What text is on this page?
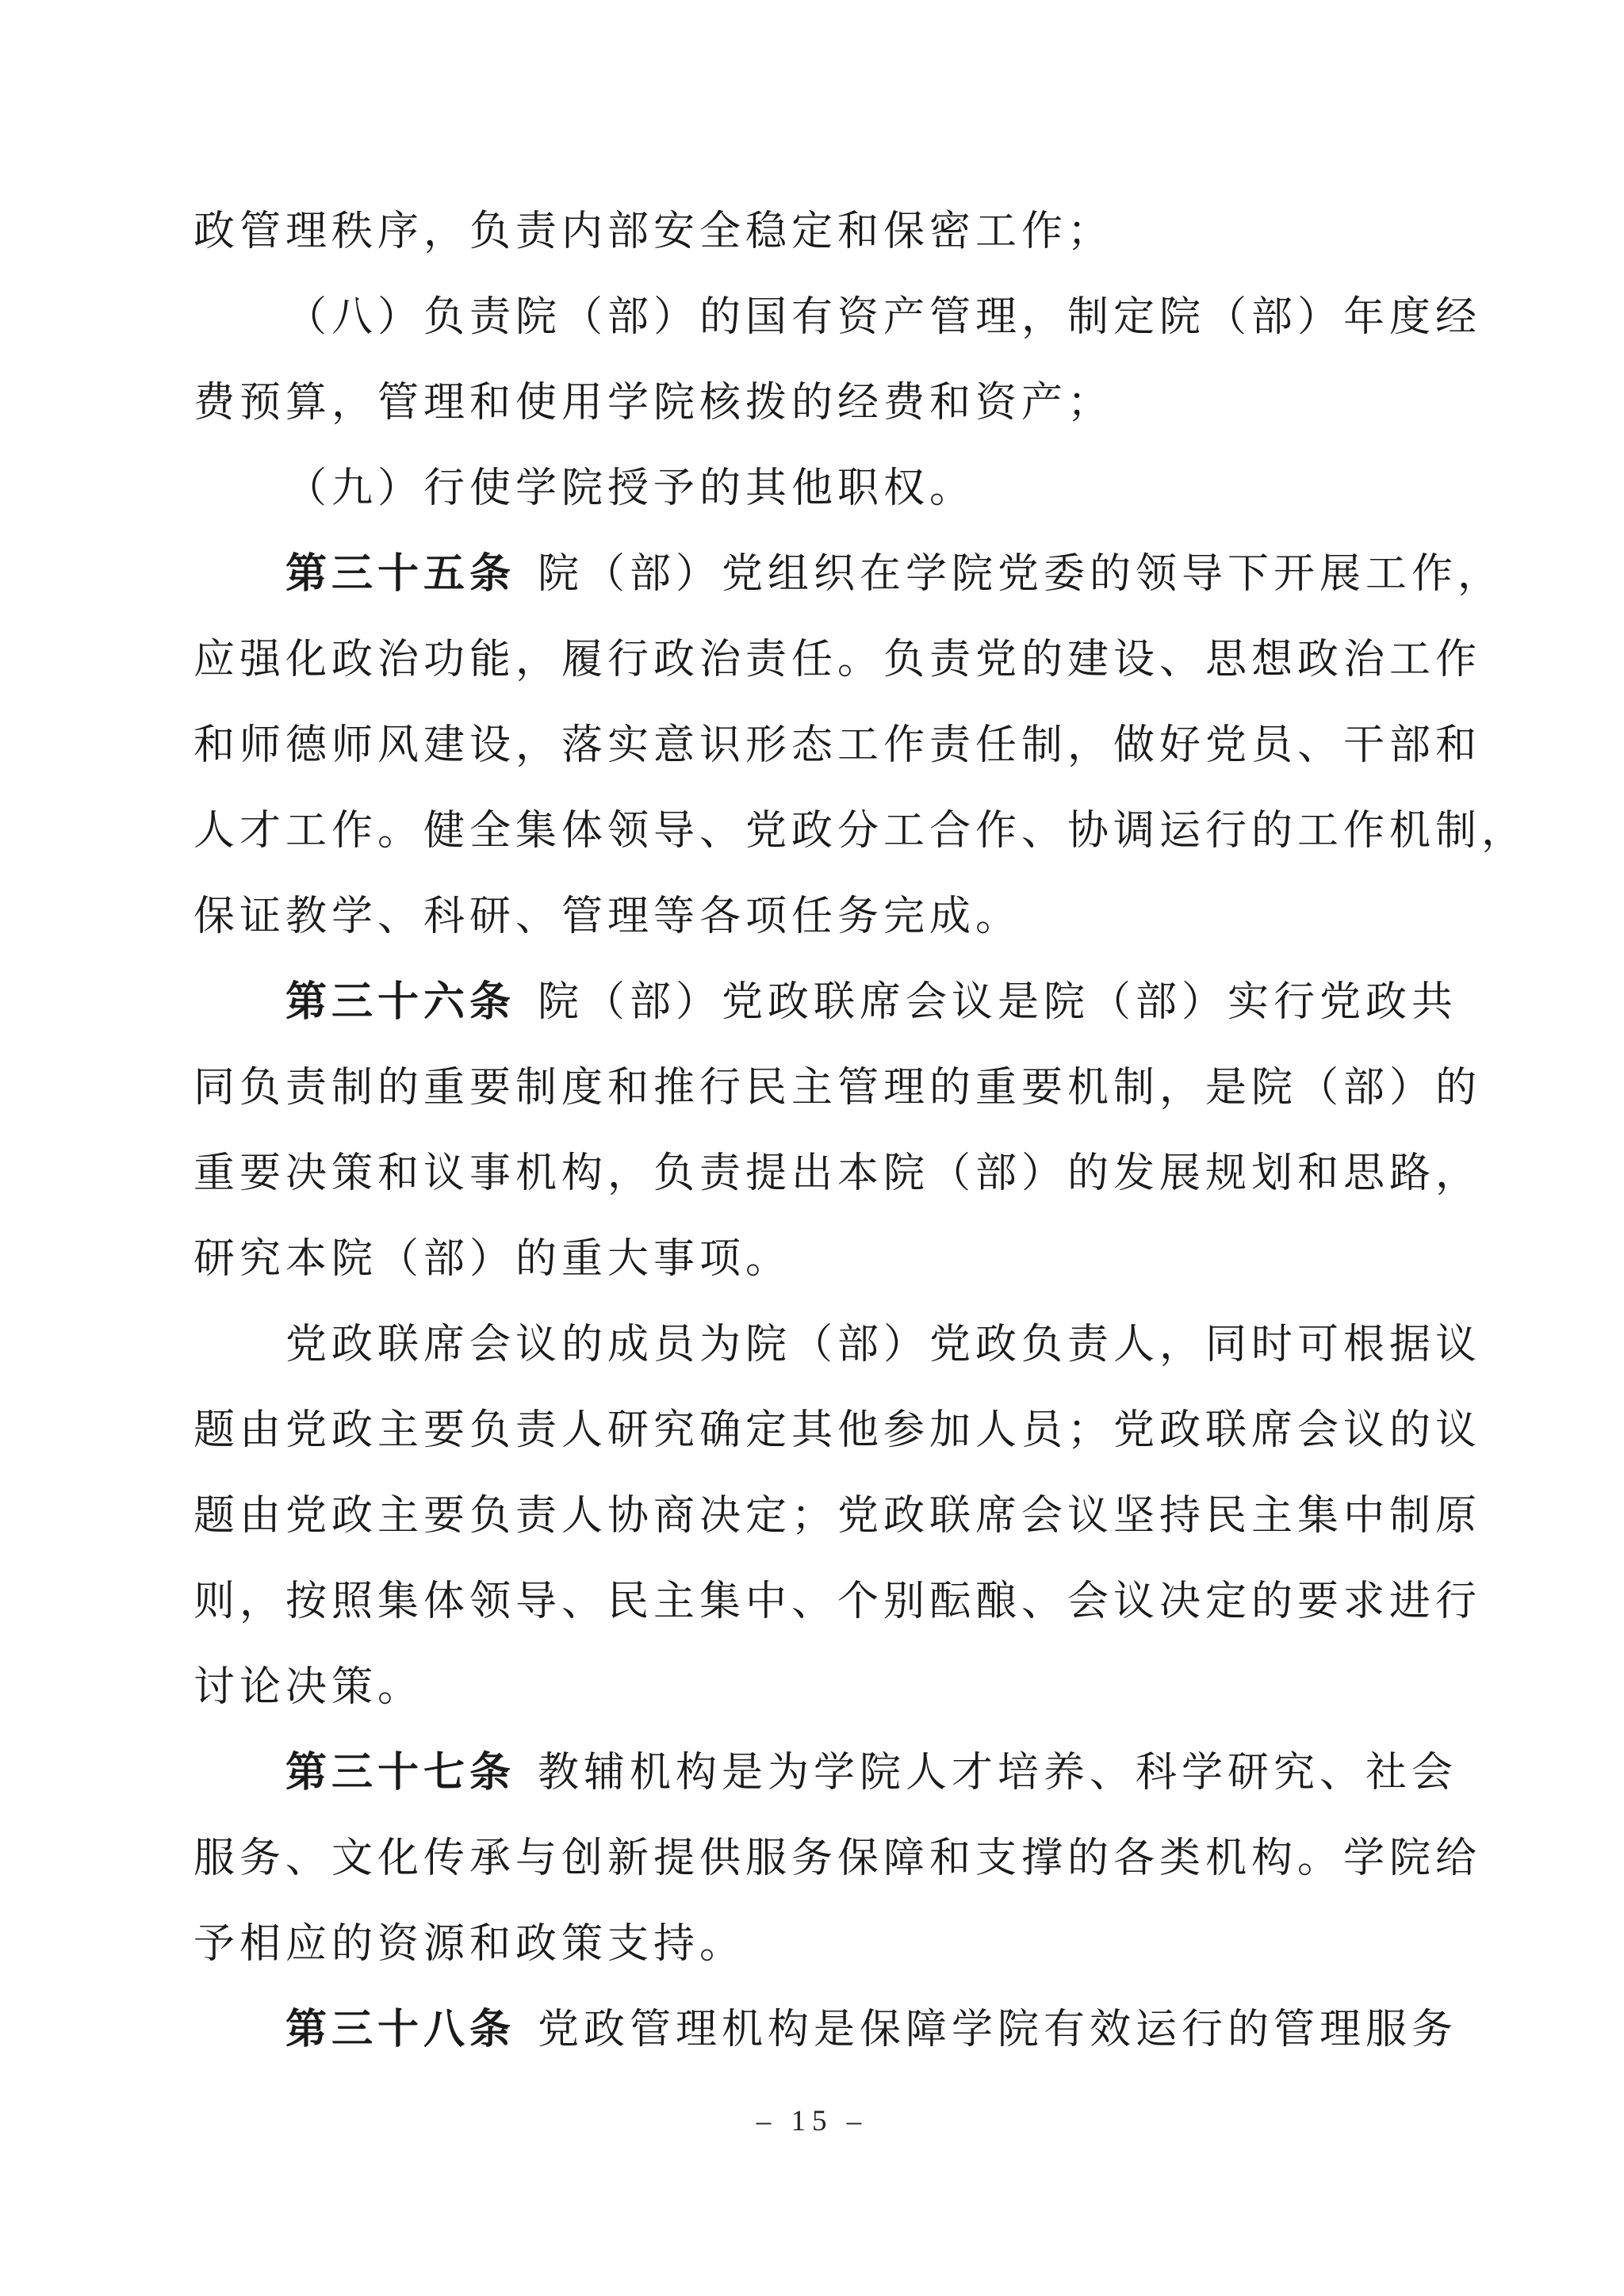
政管理秩序，负责内部安全稳定和保密工作；
（八）负责院（部）的国有资产管理，制定院（部）年度经
费预算，管理和使用学院核拨的经费和资产；
（九）行使学院授予的其他职权。
第三十五条 院（部）党组织在学院党委的领导下开展工作，
应强化政治功能，履行政治责任。负责党的建设、思想政治工作
和师德师风建设，落实意识形态工作责任制，做好党员、干部和
人才工作。健全集体领导、党政分工合作、协调运行的工作机制，
保证教学、科研、管理等各项任务完成。
第三十六条 院（部）党政联席会议是院（部）实行党政共
同负责制的重要制度和推行民主管理的重要机制，是院（部）的
重要决策和议事机构，负责提出本院（部）的发展规划和思路，
研究本院（部）的重大事项。
党政联席会议的成员为院（部）党政负责人，同时可根据议
题由党政主要负责人研究确定其他参加人员；党政联席会议的议
题由党政主要负责人协商决定；党政联席会议坚持民主集中制原
则，按照集体领导、民主集中、个别酝酿、会议决定的要求进行
讨论决策。
第三十七条 教辅机构是为学院人才培养、科学研究、社会
服务、文化传承与创新提供服务保障和支撑的各类机构。学院给
予相应的资源和政策支持。
第三十八条 党政管理机构是保障学院有效运行的管理服务
– 15 –
